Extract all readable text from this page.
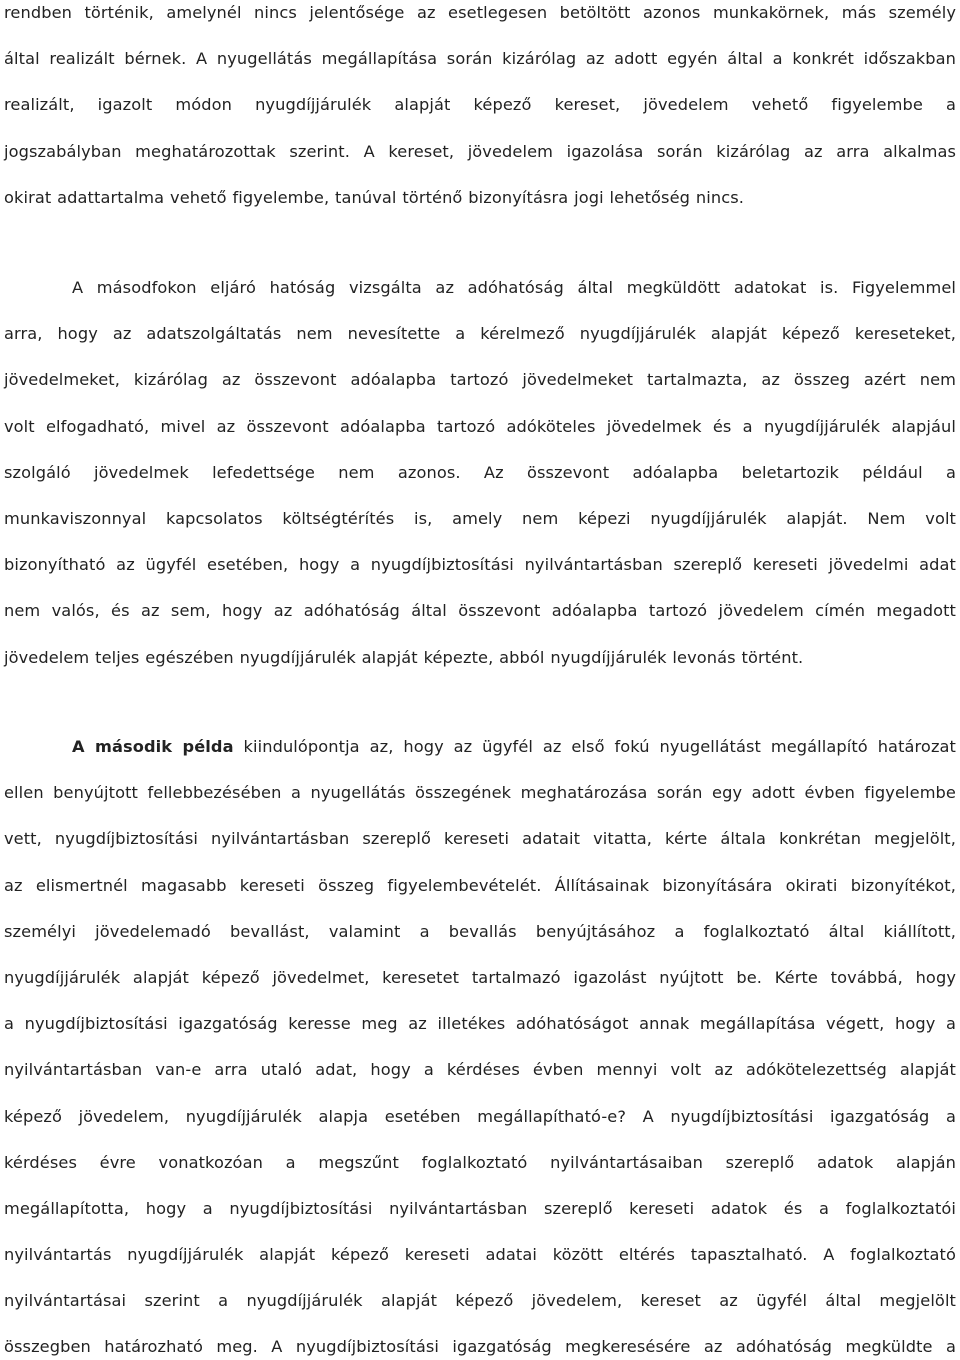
rendben történik, amelynél nincs jelentősége az esetlegesen betöltött azonos munkakörnek, más személy
által realizált bérnek. A nyugellátás megállapítása során kizárólag az adott egyén által a konkrét időszakban
realizált, igazolt módon nyugdíjjárulék alapját képező kereset, jövedelem vehető figyelembe a
jogszabályban meghatározottak szerint. A kereset, jövedelem igazolása során kizárólag az arra alkalmas
okirat adattartalma vehető figyelembe, tanúval történő bizonyításra jogi lehetőség nincs.
A másodfokon eljáró hatóság vizsgálta az adóhatóság által megküldött adatokat is. Figyelemmel
arra, hogy az adatszolgáltatás nem nevesítette a kérelmező nyugdíjjárulék alapját képező kereseteket,
jövedelmeket, kizárólag az összevont adóalapba tartozó jövedelmeket tartalmazta, az összeg azért nem
volt elfogadható, mivel az összevont adóalapba tartozó adóköteles jövedelmek és a nyugdíjjárulék alapjául
szolgáló jövedelmek lefedettsége nem azonos. Az összevont adóalapba beletartozik például a
munkaviszonnyal kapcsolatos költségtérítés is, amely nem képezi nyugdíjjárulék alapját. Nem volt
bizonyítható az ügyfél esetében, hogy a nyugdíjbiztosítási nyilvántartásban szereplő kereseti jövedelmi adat
nem valós, és az sem, hogy az adóhatóság által összevont adóalapba tartozó jövedelem címén megadott
jövedelem teljes egészében nyugdíjjárulék alapját képezte, abból nyugdíjjárulék levonás történt.
A második példa kiindulópontja az, hogy az ügyfél az első fokú nyugellátást megállapító határozat
ellen benyújtott fellebbezésében a nyugellátás összegének meghatározása során egy adott évben figyelembe
vett, nyugdíjbiztosítási nyilvántartásban szereplő kereseti adatait vitatta, kérte általa konkrétan megjelölt,
az elismertnél magasabb kereseti összeg figyelembevételét. Állításainak bizonyítására okirati bizonyítékot,
személyi jövedelemadó bevallást, valamint a bevallás benyújtásához a foglalkoztató által kiállított,
nyugdíjjárulék alapját képező jövedelmet, keresetet tartalmazó igazolást nyújtott be. Kérte továbbá, hogy
a nyugdíjbiztosítási igazgatóság keresse meg az illetékes adóhatóságot annak megállapítása végett, hogy a
nyilvántartásban van-e arra utaló adat, hogy a kérdéses évben mennyi volt az adókötelezettség alapját
képező jövedelem, nyugdíjjárulék alapja esetében megállapítható-e? A nyugdíjbiztosítási igazgatóság a
kérdéses évre vonatkozóan a megszűnt foglalkoztató nyilvántartásaiban szereplő adatok alapján
megállapította, hogy a nyugdíjbiztosítási nyilvántartásban szereplő kereseti adatok és a foglalkoztatói
nyilvántartás nyugdíjjárulék alapját képező kereseti adatai között eltérés tapasztalható. A foglalkoztató
nyilvántartásai szerint a nyugdíjjárulék alapját képező jövedelem, kereset az ügyfél által megjelölt
összegben határozható meg. A nyugdíjbiztosítási igazgatóság megkeresésére az adóhatóság megküldte a
